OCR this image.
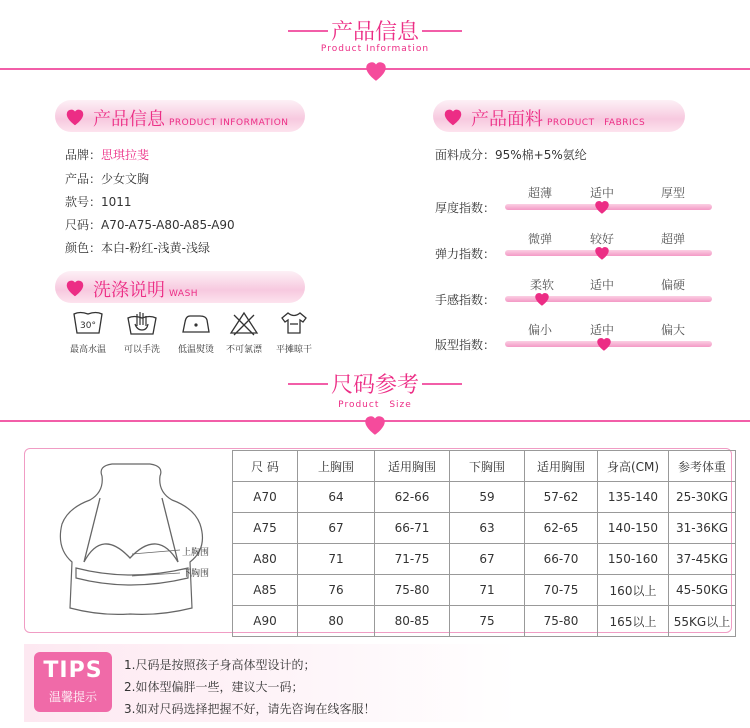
产品信息
Product Information
产品信息 PRODUCT INFORMATION
品牌：思琪拉斐
产品：少女文胸
款号：1011
尺码：A70-A75-A80-A85-A90
颜色：本白-粉红-浅黄-浅绿
洗涤说明 WASH
30°
最高水温	可以手洗	低温熨烫	不可氯漂	平摊晾干
产品面料 PRODUCT　FABRICS
面料成分：95%棉+5%氨纶
超薄	适中	厚型
厚度指数：
微弹	较好	超弹
弹力指数：
柔软	适中	偏硬
手感指数：
偏小	适中	偏大
版型指数：
尺码参考
Product　Size
上胸围
下胸围
尺 码	上胸围	适用胸围	下胸围	适用胸围	身高(CM)	参考体重
A70	64	62-66	59	57-62	135-140	25-30KG
A75	67	66-71	63	62-65	140-150	31-36KG
A80	71	71-75	67	66-70	150-160	37-45KG
A85	76	75-80	71	70-75	160以上	45-50KG
A90	80	80-85	75	75-80	165以上	55KG以上
TIPS
温馨提示
1.尺码是按照孩子身高体型设计的；
2.如体型偏胖一些，建议大一码；
3.如对尺码选择把握不好，请先咨询在线客服！
